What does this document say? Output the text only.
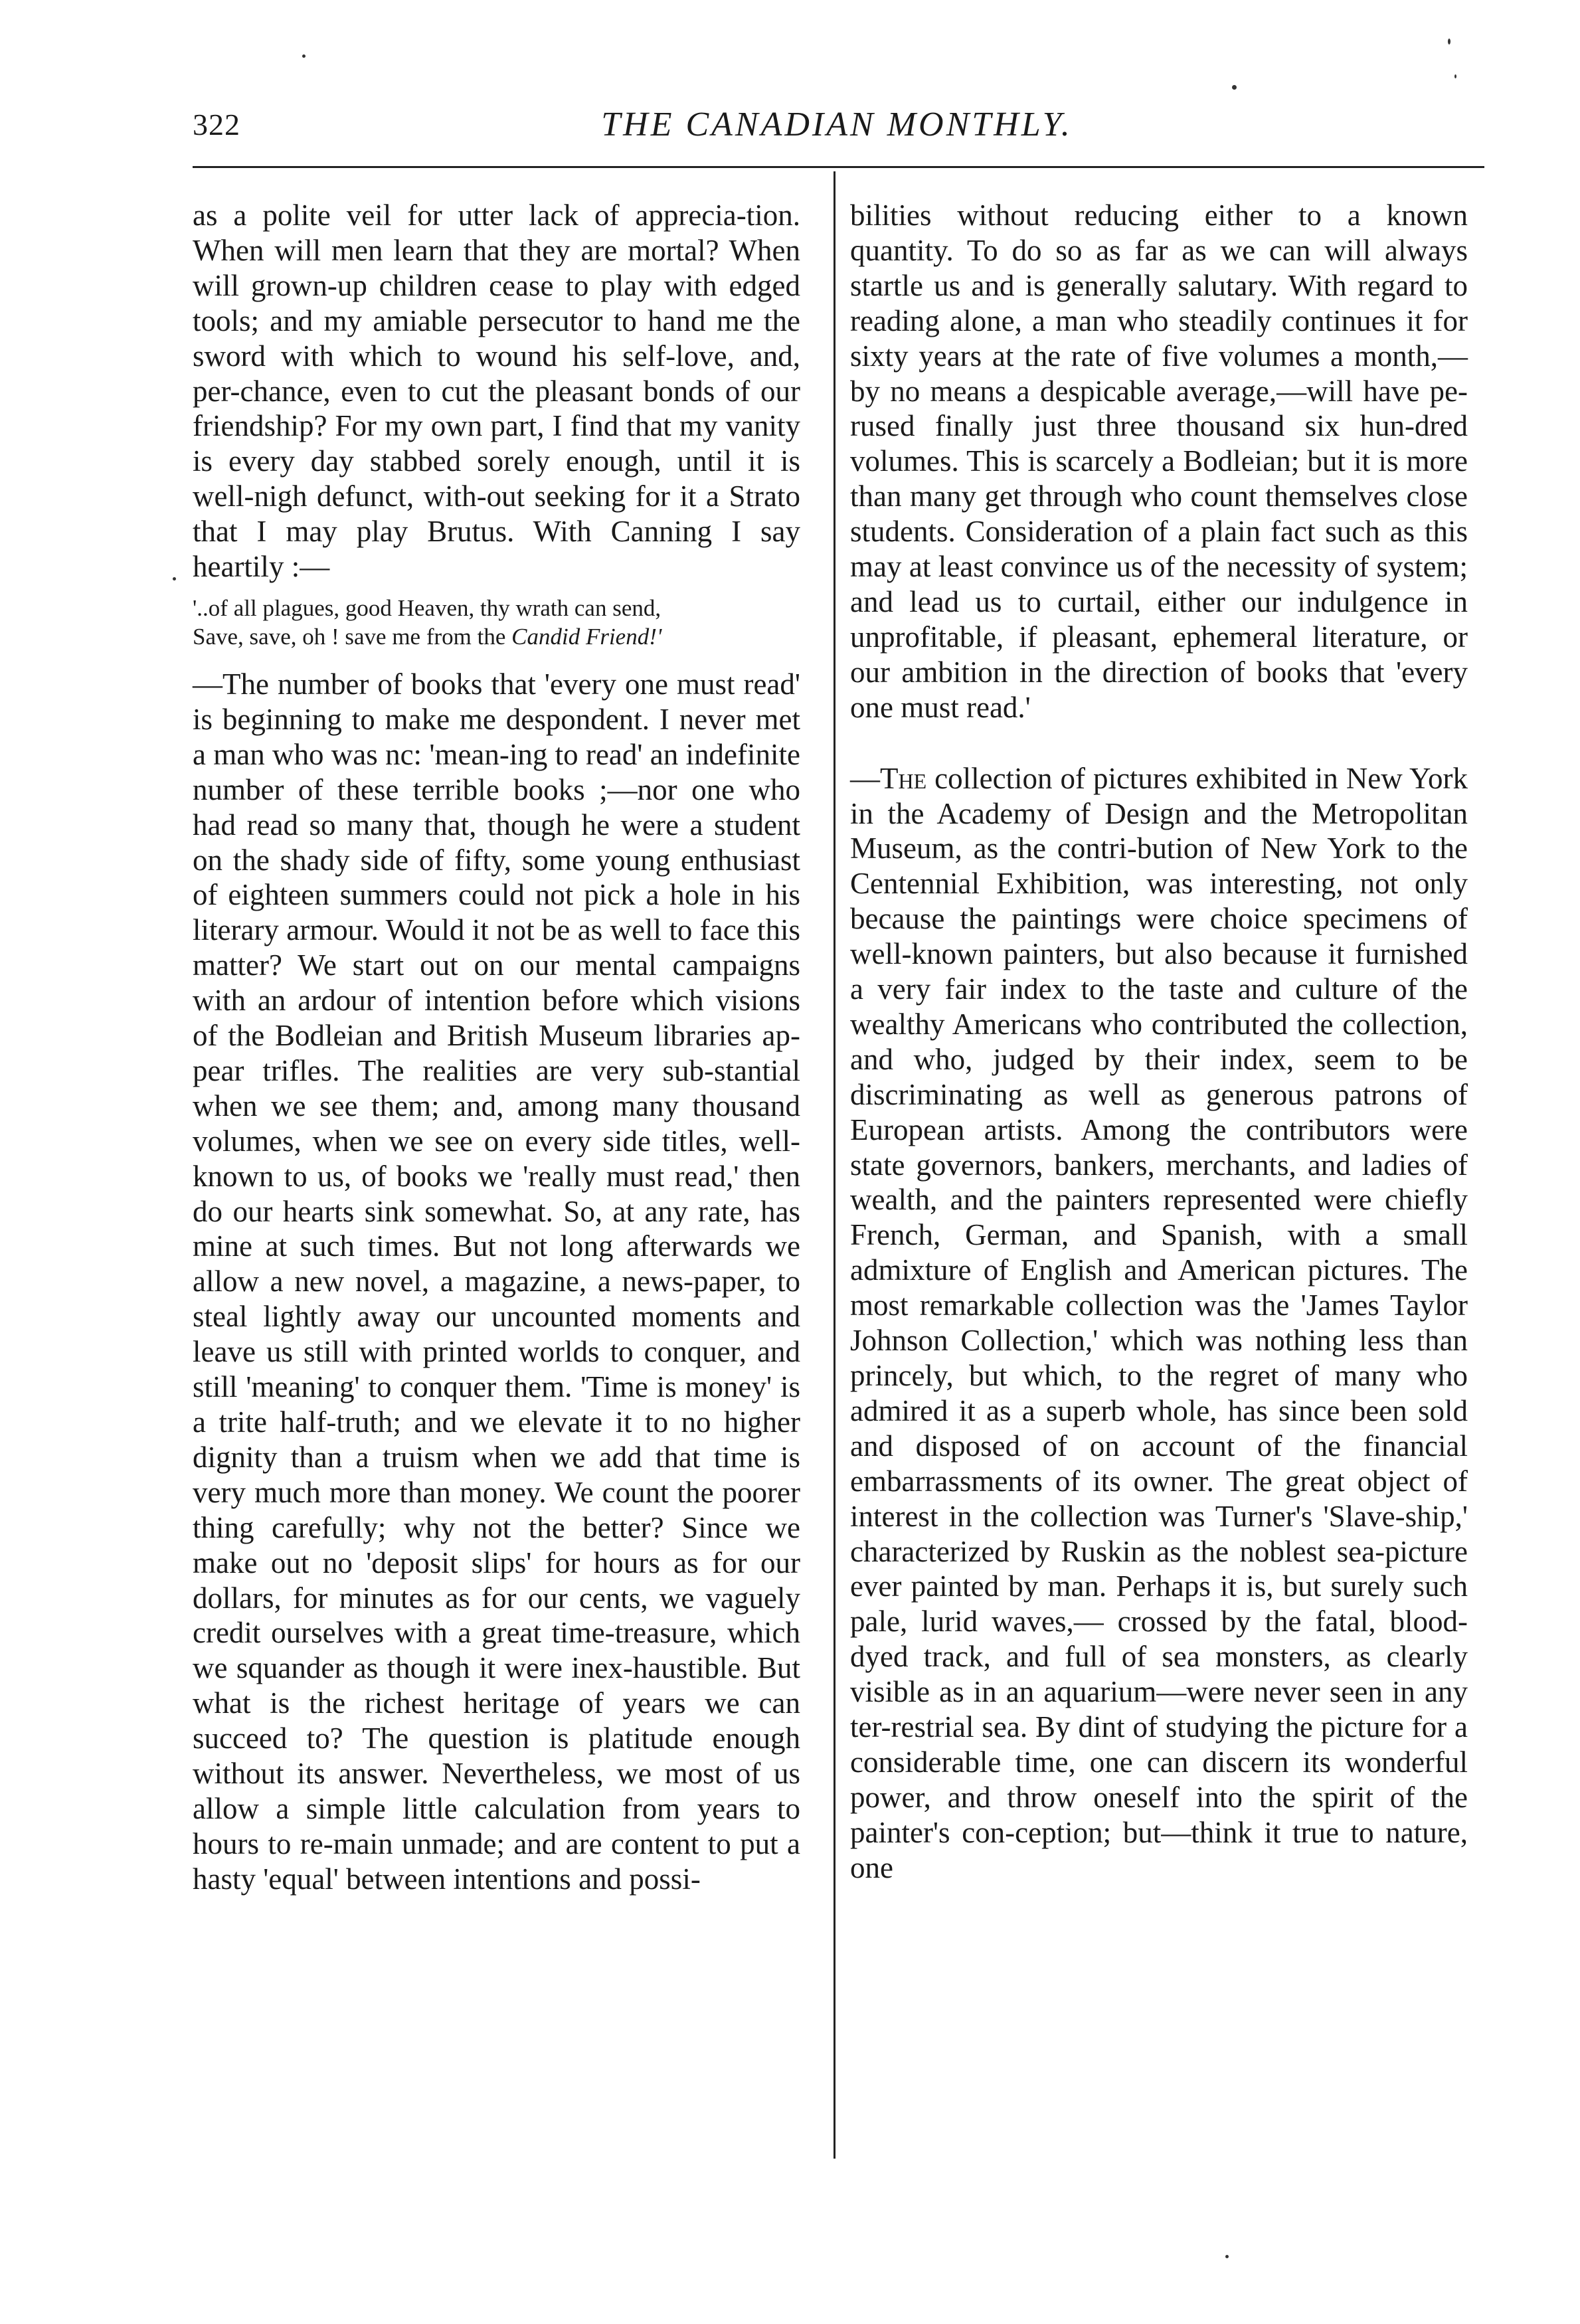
322	THE CANADIAN MONTHLY.

as a polite veil for utter lack of apprecia-tion. When will men learn that they are mortal? When will grown-up children cease to play with edged tools; and my amiable persecutor to hand me the sword with which to wound his self-love, and, per-chance, even to cut the pleasant bonds of our friendship? For my own part, I find that my vanity is every day stabbed sorely enough, until it is well-nigh defunct, with-out seeking for it a Strato that I may play Brutus. With Canning I say heartily :—

'..of all plagues, good Heaven, thy wrath can send,
Save, save, oh ! save me from the Candid Friend!'

—The number of books that 'every one must read' is beginning to make me despondent. I never met a man who was nc: 'mean-ing to read' an indefinite number of these terrible books ;—nor one who had read so many that, though he were a student on the shady side of fifty, some young enthusiast of eighteen summers could not pick a hole in his literary armour. Would it not be as well to face this matter? We start out on our mental campaigns with an ardour of intention before which visions of the Bodleian and British Museum libraries ap-pear trifles. The realities are very sub-stantial when we see them; and, among many thousand volumes, when we see on every side titles, well-known to us, of books we 'really must read,' then do our hearts sink somewhat. So, at any rate, has mine at such times. But not long afterwards we allow a new novel, a magazine, a news-paper, to steal lightly away our uncounted moments and leave us still with printed worlds to conquer, and still 'meaning' to conquer them. 'Time is money' is a trite half-truth; and we elevate it to no higher dignity than a truism when we add that time is very much more than money. We count the poorer thing carefully; why not the better? Since we make out no 'deposit slips' for hours as for our dollars, for minutes as for our cents, we vaguely credit ourselves with a great time-treasure, which we squander as though it were inex-haustible. But what is the richest heritage of years we can succeed to? The question is platitude enough without its answer. Nevertheless, we most of us allow a simple little calculation from years to hours to re-main unmade; and are content to put a hasty 'equal' between intentions and possi-

bilities without reducing either to a known quantity. To do so as far as we can will always startle us and is generally salutary. With regard to reading alone, a man who steadily continues it for sixty years at the rate of five volumes a month,—by no means a despicable average,—will have pe-rused finally just three thousand six hun-dred volumes. This is scarcely a Bodleian; but it is more than many get through who count themselves close students. Consideration of a plain fact such as this may at least convince us of the necessity of system; and lead us to curtail, either our indulgence in unprofitable, if pleasant, ephemeral literature, or our ambition in the direction of books that 'every one must read.'

—The collection of pictures exhibited in New York in the Academy of Design and the Metropolitan Museum, as the contri-bution of New York to the Centennial Exhibition, was interesting, not only because the paintings were choice specimens of well-known painters, but also because it furnished a very fair index to the taste and culture of the wealthy Americans who contributed the collection, and who, judged by their index, seem to be discriminating as well as generous patrons of European artists. Among the contributors were state governors, bankers, merchants, and ladies of wealth, and the painters represented were chiefly French, German, and Spanish, with a small admixture of English and American pictures. The most remarkable collection was the 'James Taylor Johnson Collection,' which was nothing less than princely, but which, to the regret of many who admired it as a superb whole, has since been sold and disposed of on account of the financial embarrassments of its owner. The great object of interest in the collection was Turner's 'Slave-ship,' characterized by Ruskin as the noblest sea-picture ever painted by man. Perhaps it is, but surely such pale, lurid waves,— crossed by the fatal, blood-dyed track, and full of sea monsters, as clearly visible as in an aquarium—were never seen in any ter-restrial sea. By dint of studying the picture for a considerable time, one can discern its wonderful power, and throw oneself into the spirit of the painter's con-ception; but—think it true to nature, one
